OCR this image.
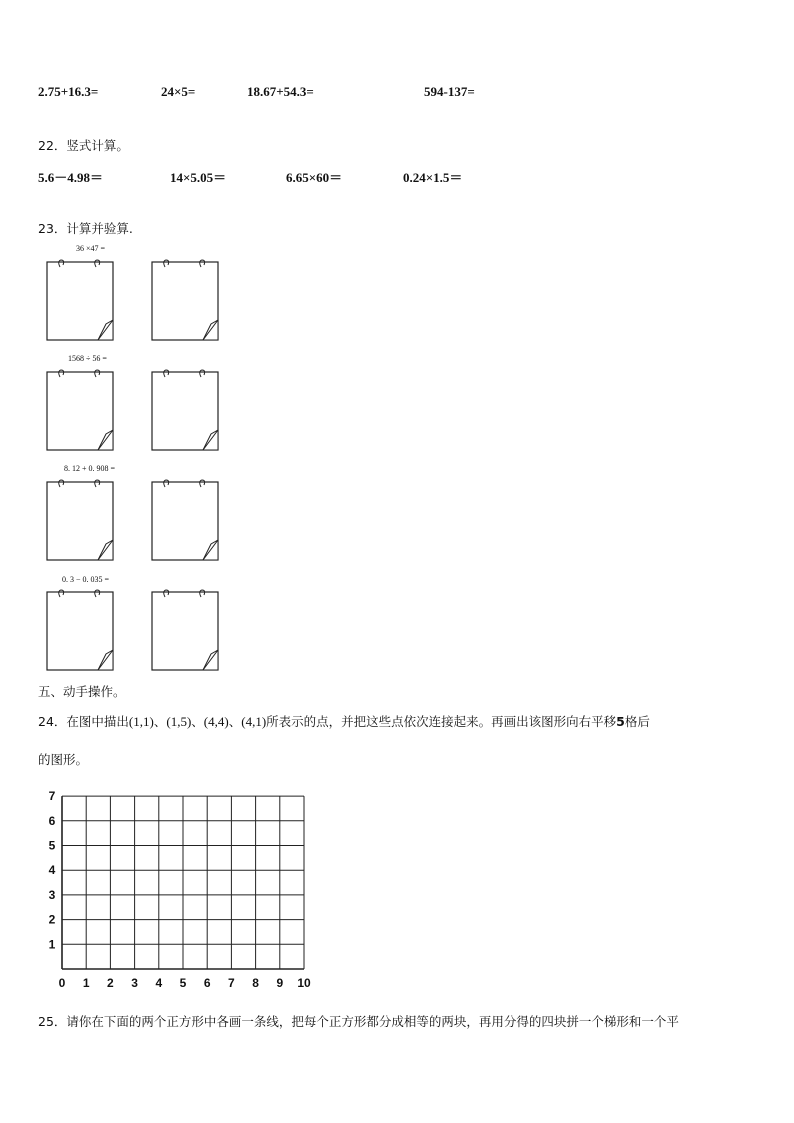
2.75+16.3=	24×5=	18.67+54.3=	594-137=
22．竖式计算。
5.6－4.98＝	14×5.05＝	6.65×60＝	0.24×1.5＝
23．计算并验算.
36 ×47 =
1568 ÷ 56 =
8. 12 + 0. 908 =
0. 3 − 0. 035 =
五、动手操作。
24．在图中描出(1,1)、(1,5)、(4,4)、(4,1)所表示的点，并把这些点依次连接起来。再画出该图形向右平移5格后
的图形。
0 1 2 3 4 5 6 7 8 9 10
1
2
3
4
5
6
7
25．请你在下面的两个正方形中各画一条线，把每个正方形都分成相等的两块，再用分得的四块拼一个梯形和一个平
